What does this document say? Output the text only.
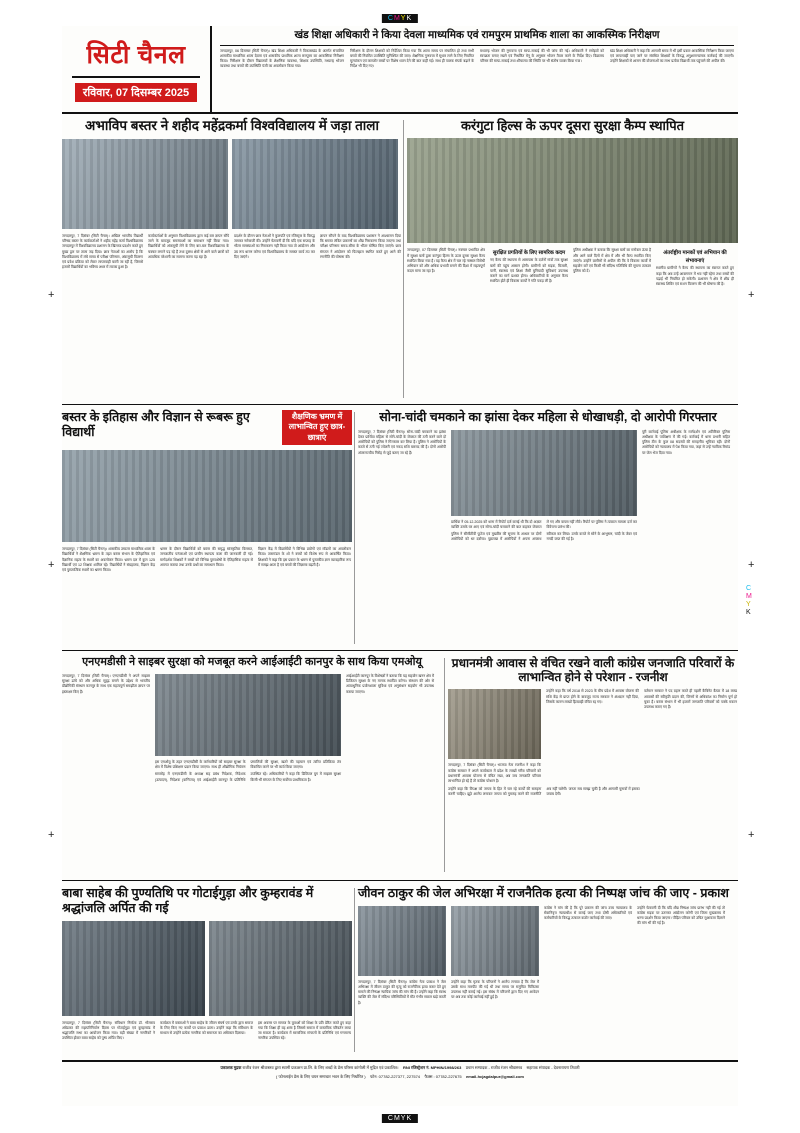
CMYK
+
+
+
+
+
+
C
M
Y
K
सिटी चैनल
रविवार, 07 दिसम्बर 2025
खंड शिक्षा अधिकारी ने किया देवला माध्यमिक एवं रामपुरम प्राथमिक शाला का आकस्मिक निरीक्षण
जगदलपुर, 06 दिसम्बर (सिटी चैनल)। खंड शिक्षा अधिकारी ने विकासखंड के अंतर्गत संचालित शासकीय माध्यमिक शाला देवला एवं शासकीय प्राथमिक शाला रामपुरम का आकस्मिक निरीक्षण किया। निरीक्षण के दौरान विद्यालयों के शैक्षणिक व्यवस्था, शिक्षक उपस्थिति, मध्यान्ह भोजन व्यवस्था तथा बच्चों की उपस्थिति पंजी का अवलोकन किया गया।
निरीक्षण के दौरान शिक्षकों को निर्देशित किया गया कि शाला समय पर संचालित हो तथा सभी बच्चों की नियमित उपस्थिति सुनिश्चित की जाए। शैक्षणिक गुणवत्ता में सुधार लाने के लिए नियमित मूल्यांकन एवं कमजोर बच्चों पर विशेष ध्यान देने की बात कही गई। साथ ही पालक संपर्क बढ़ाने के निर्देश भी दिए गए।
मध्यान्ह भोजन की गुणवत्ता एवं साफ-सफाई की भी जांच की गई। अधिकारी ने रसोइयों को स्वच्छता बनाए रखने एवं निर्धारित मेनू के अनुसार भोजन तैयार करने के निर्देश दिए। विद्यालय परिसर की साफ-सफाई तथा शौचालय की स्थिति पर भी संतोष व्यक्त किया गया।
खंड शिक्षा अधिकारी ने कहा कि आगामी समय में भी इसी प्रकार आकस्मिक निरीक्षण किया जाएगा एवं लापरवाही पाए जाने पर संबंधित शिक्षकों के विरुद्ध अनुशासनात्मक कार्रवाई की जाएगी। उन्होंने शिक्षकों से शासन की योजनाओं का लाभ प्रत्येक विद्यार्थी तक पहुंचाने की अपील की।
अभाविप बस्तर ने शहीद महेंद्रकर्मा विश्वविद्यालय में जड़ा ताला
जगदलपुर, 7 दिसंबर (सिटी चैनल)। अखिल भारतीय विद्यार्थी परिषद बस्तर के कार्यकर्ताओं ने शहीद महेंद्र कर्मा विश्वविद्यालय जगदलपुर में विश्वविद्यालय प्रशासन के खिलाफ प्रदर्शन करते हुए मुख्य द्वार पर ताला जड़ दिया। छात्र नेताओं का आरोप है कि विश्वविद्यालय में लंबे समय से परीक्षा परिणाम, अंकसूची वितरण एवं प्रवेश प्रक्रिया को लेकर लापरवाही बरती जा रही है, जिससे हजारों विद्यार्थियों का भविष्य अधर में लटका हुआ है।
कार्यकर्ताओं के अनुसार विश्वविद्यालय द्वारा कई बार ज्ञापन सौंपे जाने के बावजूद समस्याओं का समाधान नहीं किया गया। विद्यार्थियों को अंकसूची लेने के लिए बार-बार विश्वविद्यालय के चक्कर लगाने पड़ रहे हैं तथा दूरस्थ क्षेत्रों से आने वाले छात्रों को अत्यधिक परेशानी का सामना करना पड़ रहा है।
प्रदर्शन के दौरान छात्र नेताओं ने कुलपति एवं रजिस्ट्रार के विरुद्ध जमकर नारेबाजी की। उन्होंने चेतावनी दी कि यदि एक सप्ताह के भीतर समस्याओं का निराकरण नहीं किया गया तो आंदोलन और उग्र रूप धारण करेगा एवं विश्वविद्यालय के समस्त कार्य ठप कर दिए जाएंगे।
ज्ञापन सौंपने के बाद विश्वविद्यालय प्रशासन ने आश्वासन दिया कि समस्त लंबित प्रकरणों का शीघ्र निराकरण किया जाएगा तथा परीक्षा परिणाम समय-सीमा के भीतर घोषित किए जाएंगे। छात्र संगठन ने आंदोलन को फिलहाल स्थगित करते हुए आगे की रणनीति की घोषणा की।
करंगुटा हिल्स के ऊपर दूसरा सुरक्षा कैम्प स्थापित
जगदलपुर, 07 दिसम्बर (सिटी चैनल)। नक्सल प्रभावित क्षेत्र में सुरक्षा बलों द्वारा करंगुटा हिल्स के ऊपर दूसरा सुरक्षा कैम्प स्थापित किया गया है। यह कैम्प क्षेत्र में चल रहे नक्सल विरोधी अभियान को और अधिक प्रभावी बनाने की दिशा में महत्वपूर्ण कदम माना जा रहा है।
सुरक्षित प्रगतियों के लिए सामरिक कदम
नए कैम्प की स्थापना से आसपास के दर्जनों गांवों तक सुरक्षा बलों की पहुंच आसान होगी। ग्रामीणों को सड़क, बिजली, पानी, स्वास्थ्य एवं शिक्षा जैसी बुनियादी सुविधाएं उपलब्ध कराने का मार्ग प्रशस्त होगा। अधिकारियों के अनुसार कैम्प स्थापित होते ही विकास कार्यों ने गति पकड़ ली है।
पुलिस अधीक्षक ने बताया कि सुरक्षा बलों का मनोबल ऊंचा है और आने वाले दिनों में क्षेत्र में और भी कैम्प स्थापित किए जाएंगे। उन्होंने ग्रामीणों से अपील की कि वे विकास कार्यों में सहयोग करें एवं किसी भी संदिग्ध गतिविधि की सूचना तत्काल पुलिस को दें।
अंतर्राष्ट्रीय मानकों एवं अभियान की संभावनाएं
स्थानीय ग्रामीणों ने कैम्प की स्थापना का स्वागत करते हुए कहा कि अब उन्हें आवागमन में भय नहीं रहेगा तथा बच्चों की पढ़ाई भी नियमित हो सकेगी। प्रशासन ने क्षेत्र में शीघ्र ही स्वास्थ्य शिविर एवं राशन वितरण की भी घोषणा की है।
बस्तर के इतिहास और विज्ञान से रूबरू हुए विद्यार्थी
शैक्षणिक भ्रमण में लाभान्वित हुए छात्र-छात्राएं
जगदलपुर, 7 दिसंबर (सिटी चैनल)। शासकीय उच्चतर माध्यमिक शाला के विद्यार्थियों ने शैक्षणिक भ्रमण के तहत बस्तर संभाग के ऐतिहासिक एवं वैज्ञानिक महत्व के स्थलों का अवलोकन किया। भ्रमण दल में कुल 125 विद्यार्थी एवं 12 शिक्षक शामिल रहे। विद्यार्थियों ने संग्रहालय, विज्ञान केंद्र एवं पुरातात्विक स्थलों का भ्रमण किया।
भ्रमण के दौरान विद्यार्थियों को बस्तर की समृद्ध सांस्कृतिक विरासत, जनजातीय परंपराओं एवं प्राचीन स्थापत्य कला की जानकारी दी गई। मार्गदर्शक शिक्षकों ने बच्चों को विभिन्न पुरावशेषों के ऐतिहासिक महत्व से अवगत कराया तथा उनके प्रश्नों का समाधान किया।
विज्ञान केंद्र में विद्यार्थियों ने विभिन्न प्रयोगों एवं मॉडलों का अवलोकन किया। तारामंडल के शो ने बच्चों को विशेष रूप से आकर्षित किया। शिक्षकों ने कहा कि इस प्रकार के भ्रमण से पुस्तकीय ज्ञान व्यावहारिक रूप में समझ आता है एवं बच्चों की जिज्ञासा बढ़ती है।
सोना-चांदी चमकाने का झांसा देकर महिला से धोखाधड़ी, दो आरोपी गिरफ्तार
जगदलपुर, 7 दिसंबर (सिटी चैनल)। सोना-चांदी चमकाने का झांसा देकर प्रार्थिया महिला से सोने-चांदी के जेवरात की ठगी करने वाले दो आरोपियों को पुलिस ने गिरफ्तार कर लिया है। पुलिस ने आरोपियों के कब्जे से ठगी गई ज्वेलरी एवं नकद राशि बरामद की है। दोनों आरोपी अंतरराज्यीय गिरोह से जुड़े बताए जा रहे हैं।
प्रार्थिया ने 05.12.2025 को थाना में रिपोर्ट दर्ज कराई थी कि दो अज्ञात व्यक्ति उसके घर आए एवं सोना-चांदी चमकाने की बात कहकर जेवरात ले गए और वापस नहीं लौटे। रिपोर्ट पर पुलिस ने तत्काल मामला दर्ज कर विवेचना प्रारंभ की।
पुलिस ने सीसीटीवी फुटेज एवं मुखबिर की सूचना के आधार पर दोनों आरोपियों को धर दबोचा। पूछताछ में आरोपियों ने अपना अपराध स्वीकार कर लिया। उनके कब्जे से सोने के आभूषण, चांदी के जेवर एवं नगदी जब्त की गई है।
पूरी कार्रवाई पुलिस अधीक्षक के मार्गदर्शन एवं अतिरिक्त पुलिस अधीक्षक के पर्यवेक्षण में की गई। कार्रवाई में थाना प्रभारी सहित पुलिस टीम के कुल 08 सदस्यों की सराहनीय भूमिका रही। दोनों आरोपियों को न्यायालय में पेश किया गया, जहां से उन्हें न्यायिक रिमांड पर जेल भेज दिया गया।
एनएमडीसी ने साइबर सुरक्षा को मजबूत करने आईआईटी कानपुर के साथ किया एमओयू
जगदलपुर, 7 दिसंबर (सिटी चैनल)। एनएमडीसी ने अपने साइबर सुरक्षा ढांचे को और अधिक सुदृढ़ बनाने के उद्देश्य से भारतीय प्रौद्योगिकी संस्थान कानपुर के साथ एक महत्वपूर्ण समझौता ज्ञापन पर हस्ताक्षर किए हैं।
इस एमओयू के तहत एनएमडीसी के कर्मचारियों को साइबर सुरक्षा के क्षेत्र में विशेष प्रशिक्षण प्रदान किया जाएगा। साथ ही औद्योगिक नियंत्रण प्रणालियों की सुरक्षा, खतरे की पहचान एवं त्वरित प्रतिक्रिया तंत्र विकसित करने पर भी कार्य किया जाएगा।
समारोह में एनएमडीसी के अध्यक्ष सह प्रबंध निदेशक, निदेशक (उत्पादन), निदेशक (वाणिज्य) एवं आईआईटी कानपुर के प्रतिनिधि उपस्थित रहे। अधिकारियों ने कहा कि डिजिटल युग में साइबर सुरक्षा किसी भी संगठन के लिए सर्वोच्च प्राथमिकता है।
आईआईटी कानपुर के विशेषज्ञों ने बताया कि यह सहयोग खनन क्षेत्र में डिजिटल सुरक्षा के नए मानक स्थापित करेगा। संस्थान की ओर से अत्याधुनिक प्रयोगशाला सुविधा एवं अनुसंधान सहयोग भी उपलब्ध कराया जाएगा।
प्रधानमंत्री आवास से वंचित रखने वाली कांग्रेस जनजाति परिवारों के लाभान्वित होने से परेशान - रजनीश
जगदलपुर, 7 दिसंबर (सिटी चैनल)। भाजपा नेता रजनीश ने कहा कि कांग्रेस सरकार ने अपने कार्यकाल में प्रदेश के लाखों गरीब परिवारों को प्रधानमंत्री आवास योजना से वंचित रखा, अब जब जनजाति परिवार लाभान्वित हो रहे हैं तो कांग्रेस परेशान है।
उन्होंने कहा कि वर्ष 2018 से 2023 के बीच प्रदेश में आवास योजना की राशि केंद्र से प्राप्त होने के बावजूद राज्य सरकार ने अंशदान नहीं दिया, जिसके कारण लाखों हितग्राही वंचित रह गए।
वर्तमान सरकार ने पद ग्रहण करते ही पहली कैबिनेट बैठक में 18 लाख आवासों की स्वीकृति प्रदान की, जिनमें से अधिकांश का निर्माण पूर्ण हो चुका है। बस्तर संभाग में भी हजारों जनजाति परिवारों को पक्के मकान उपलब्ध कराए गए हैं।
उन्होंने कहा कि विपक्ष को जनता के हित में चल रहे कार्यों की सराहना करनी चाहिए। झूठे आरोप लगाकर जनता को गुमराह करने की राजनीति अब नहीं चलेगी। जनता सब समझ चुकी है और आगामी चुनावों में इसका जवाब देगी।
बाबा साहेब की पुण्यतिथि पर गोटाईगुड़ा और कुम्हरावंड में श्रद्धांजलि अर्पित की गई
जगदलपुर, 7 दिसंबर (सिटी चैनल)। संविधान निर्माता डॉ. भीमराव अंबेडकर की महापरिनिर्वाण दिवस पर गोटाईगुड़ा एवं कुम्हरावंड में श्रद्धांजलि सभा का आयोजन किया गया। बड़ी संख्या में नागरिकों ने उपस्थित होकर बाबा साहेब को पुष्प अर्पित किए।
कार्यक्रम में वक्ताओं ने बाबा साहेब के जीवन संघर्ष एवं उनके द्वारा समाज के लिए किए गए कार्यों पर प्रकाश डाला। उन्होंने कहा कि संविधान के माध्यम से उन्होंने प्रत्येक नागरिक को समानता का अधिकार दिलाया।
इस अवसर पर समाज के युवाओं को शिक्षा के प्रति प्रेरित करते हुए कहा गया कि शिक्षा ही वह शस्त्र है जिससे समाज में वास्तविक परिवर्तन लाया जा सकता है। कार्यक्रम में सामाजिक संगठनों के प्रतिनिधि एवं गणमान्य नागरिक उपस्थित रहे।
जीवन ठाकुर की जेल अभिरक्षा में राजनैतिक हत्या की निष्पक्ष जांच की जाए - प्रकाश
जगदलपुर, 7 दिसंबर (सिटी चैनल)। कांग्रेस नेता प्रकाश ने जेल अभिरक्षा में जीवन ठाकुर की मृत्यु को राजनैतिक हत्या करार देते हुए मामले की निष्पक्ष न्यायिक जांच की मांग की है। उन्होंने कहा कि स्वस्थ व्यक्ति की जेल में संदिग्ध परिस्थितियों में मौत गंभीर सवाल खड़े करती है।
उन्होंने कहा कि मृतक के परिजनों ने आरोप लगाया है कि जेल में उसके साथ मारपीट की गई थी तथा समय पर समुचित चिकित्सा उपलब्ध नहीं कराई गई। इस संबंध में परिजनों द्वारा दिए गए आवेदन पर अब तक कोई कार्रवाई नहीं हुई है।
कांग्रेस ने मांग की है कि पूरे प्रकरण की जांच उच्च न्यायालय के सेवानिवृत्त न्यायाधीश से कराई जाए तथा दोषी अधिकारियों एवं कर्मचारियों के विरुद्ध तत्काल कठोर कार्रवाई की जाए।
उन्होंने चेतावनी दी कि यदि शीघ्र निष्पक्ष जांच प्रारंभ नहीं की गई तो कांग्रेस सड़क पर उतरकर आंदोलन करेगी एवं जिला मुख्यालय में धरना प्रदर्शन किया जाएगा। पीड़ित परिवार को उचित मुआवजा दिलाने की मांग भी की गई है।
प्रकाशक मुद्रक राजीव रंजन श्रीवास्तव द्वारा स्वामी प्रकाशन प्रा.लि. के लिए शब्दों के प्रेस परिसर कांगोली में मुद्रित एवं प्रकाशित। RNI रजिस्ट्रेशन नं. MPHIN/1998/263 प्रधान सम्पादक - राजीव रंजन श्रीवास्तव सहायक संपादक - देवनारायण तिवारी
( फोनलाईन प्रेस के लिए चयन समाचार भवन के लिए निर्धारित ) फोन: 07782-227377, 227574 फैक्स : 07782-227675 email-hcjagdalpur@gmail.com
CMYK
